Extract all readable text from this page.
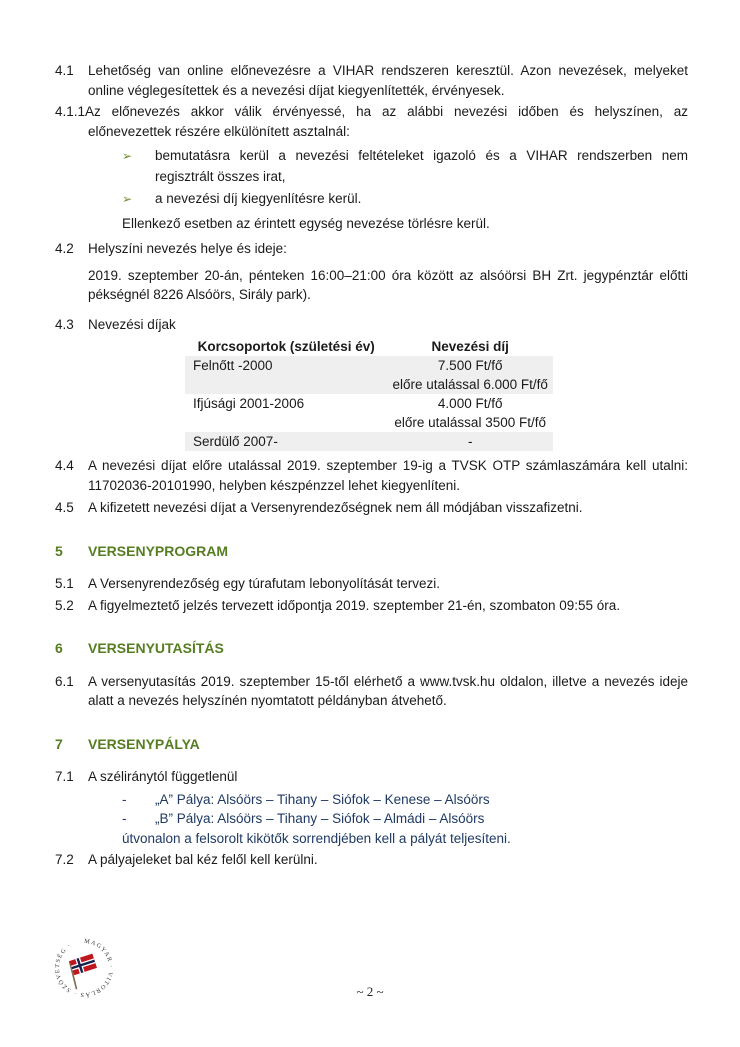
4.1 Lehetőség van online előnevezésre a VIHAR rendszeren keresztül. Azon nevezések, melyeket online véglegesítettek és a nevezési díjat kiegyenlítették, érvényesek.

4.1.1Az előnevezés akkor válik érvényessé, ha az alábbi nevezési időben és helyszínen, az előnevezettek részére elkülönített asztalnál:

➢ bemutatásra kerül a nevezési feltételeket igazoló és a VIHAR rendszerben nem regisztrált összes irat,

➢ a nevezési díj kiegyenlítésre kerül.

Ellenkező esetben az érintett egység nevezése törlésre kerül.

4.2 Helyszíni nevezés helye és ideje:

2019. szeptember 20-án, pénteken 16:00–21:00 óra között az alsóörsi BH Zrt. jegypénztár előtti pékségnél 8226 Alsóörs, Sirály park).

4.3 Nevezési díjak

Korcsoportok (születési év)	Nevezési díj
Felnőtt -2000	7.500 Ft/fő
előre utalással 6.000 Ft/fő

Ifjúsági 2001-2006	4.000 Ft/fő
előre utalással 3500 Ft/fő

Serdülő 2007-	-

4.4 A nevezési díjat előre utalással 2019. szeptember 19-ig a TVSK OTP számlaszámára kell utalni: 11702036-20101990, helyben készpénzzel lehet kiegyenlíteni.

4.5 A kifizetett nevezési díjat a Versenyrendezőségnek nem áll módjában visszafizetni.

5 VERSENYPROGRAM

5.1 A Versenyrendezőség egy túrafutam lebonyolítását tervezi.

5.2 A figyelmeztető jelzés tervezett időpontja 2019. szeptember 21-én, szombaton 09:55 óra.

6 VERSENYUTASÍTÁS

6.1 A versenyutasítás 2019. szeptember 15-től elérhető a www.tvsk.hu oldalon, illetve a nevezés ideje alatt a nevezés helyszínén nyomtatott példányban átvehető.

7 VERSENYPÁLYA

7.1 A széliránytól függetlenül

- „A” Pálya: Alsóörs – Tihany – Siófok – Kenese – Alsóörs

- „B” Pálya: Alsóörs – Tihany – Siófok – Almádi – Alsóörs

útvonalon a felsorolt kikötők sorrendjében kell a pályát teljesíteni.

7.2 A pályajeleket bal kéz felől kell kerülni.

MAGYAR · VITORLÁS · SZÖVETSÉG ·
~ 2 ~
